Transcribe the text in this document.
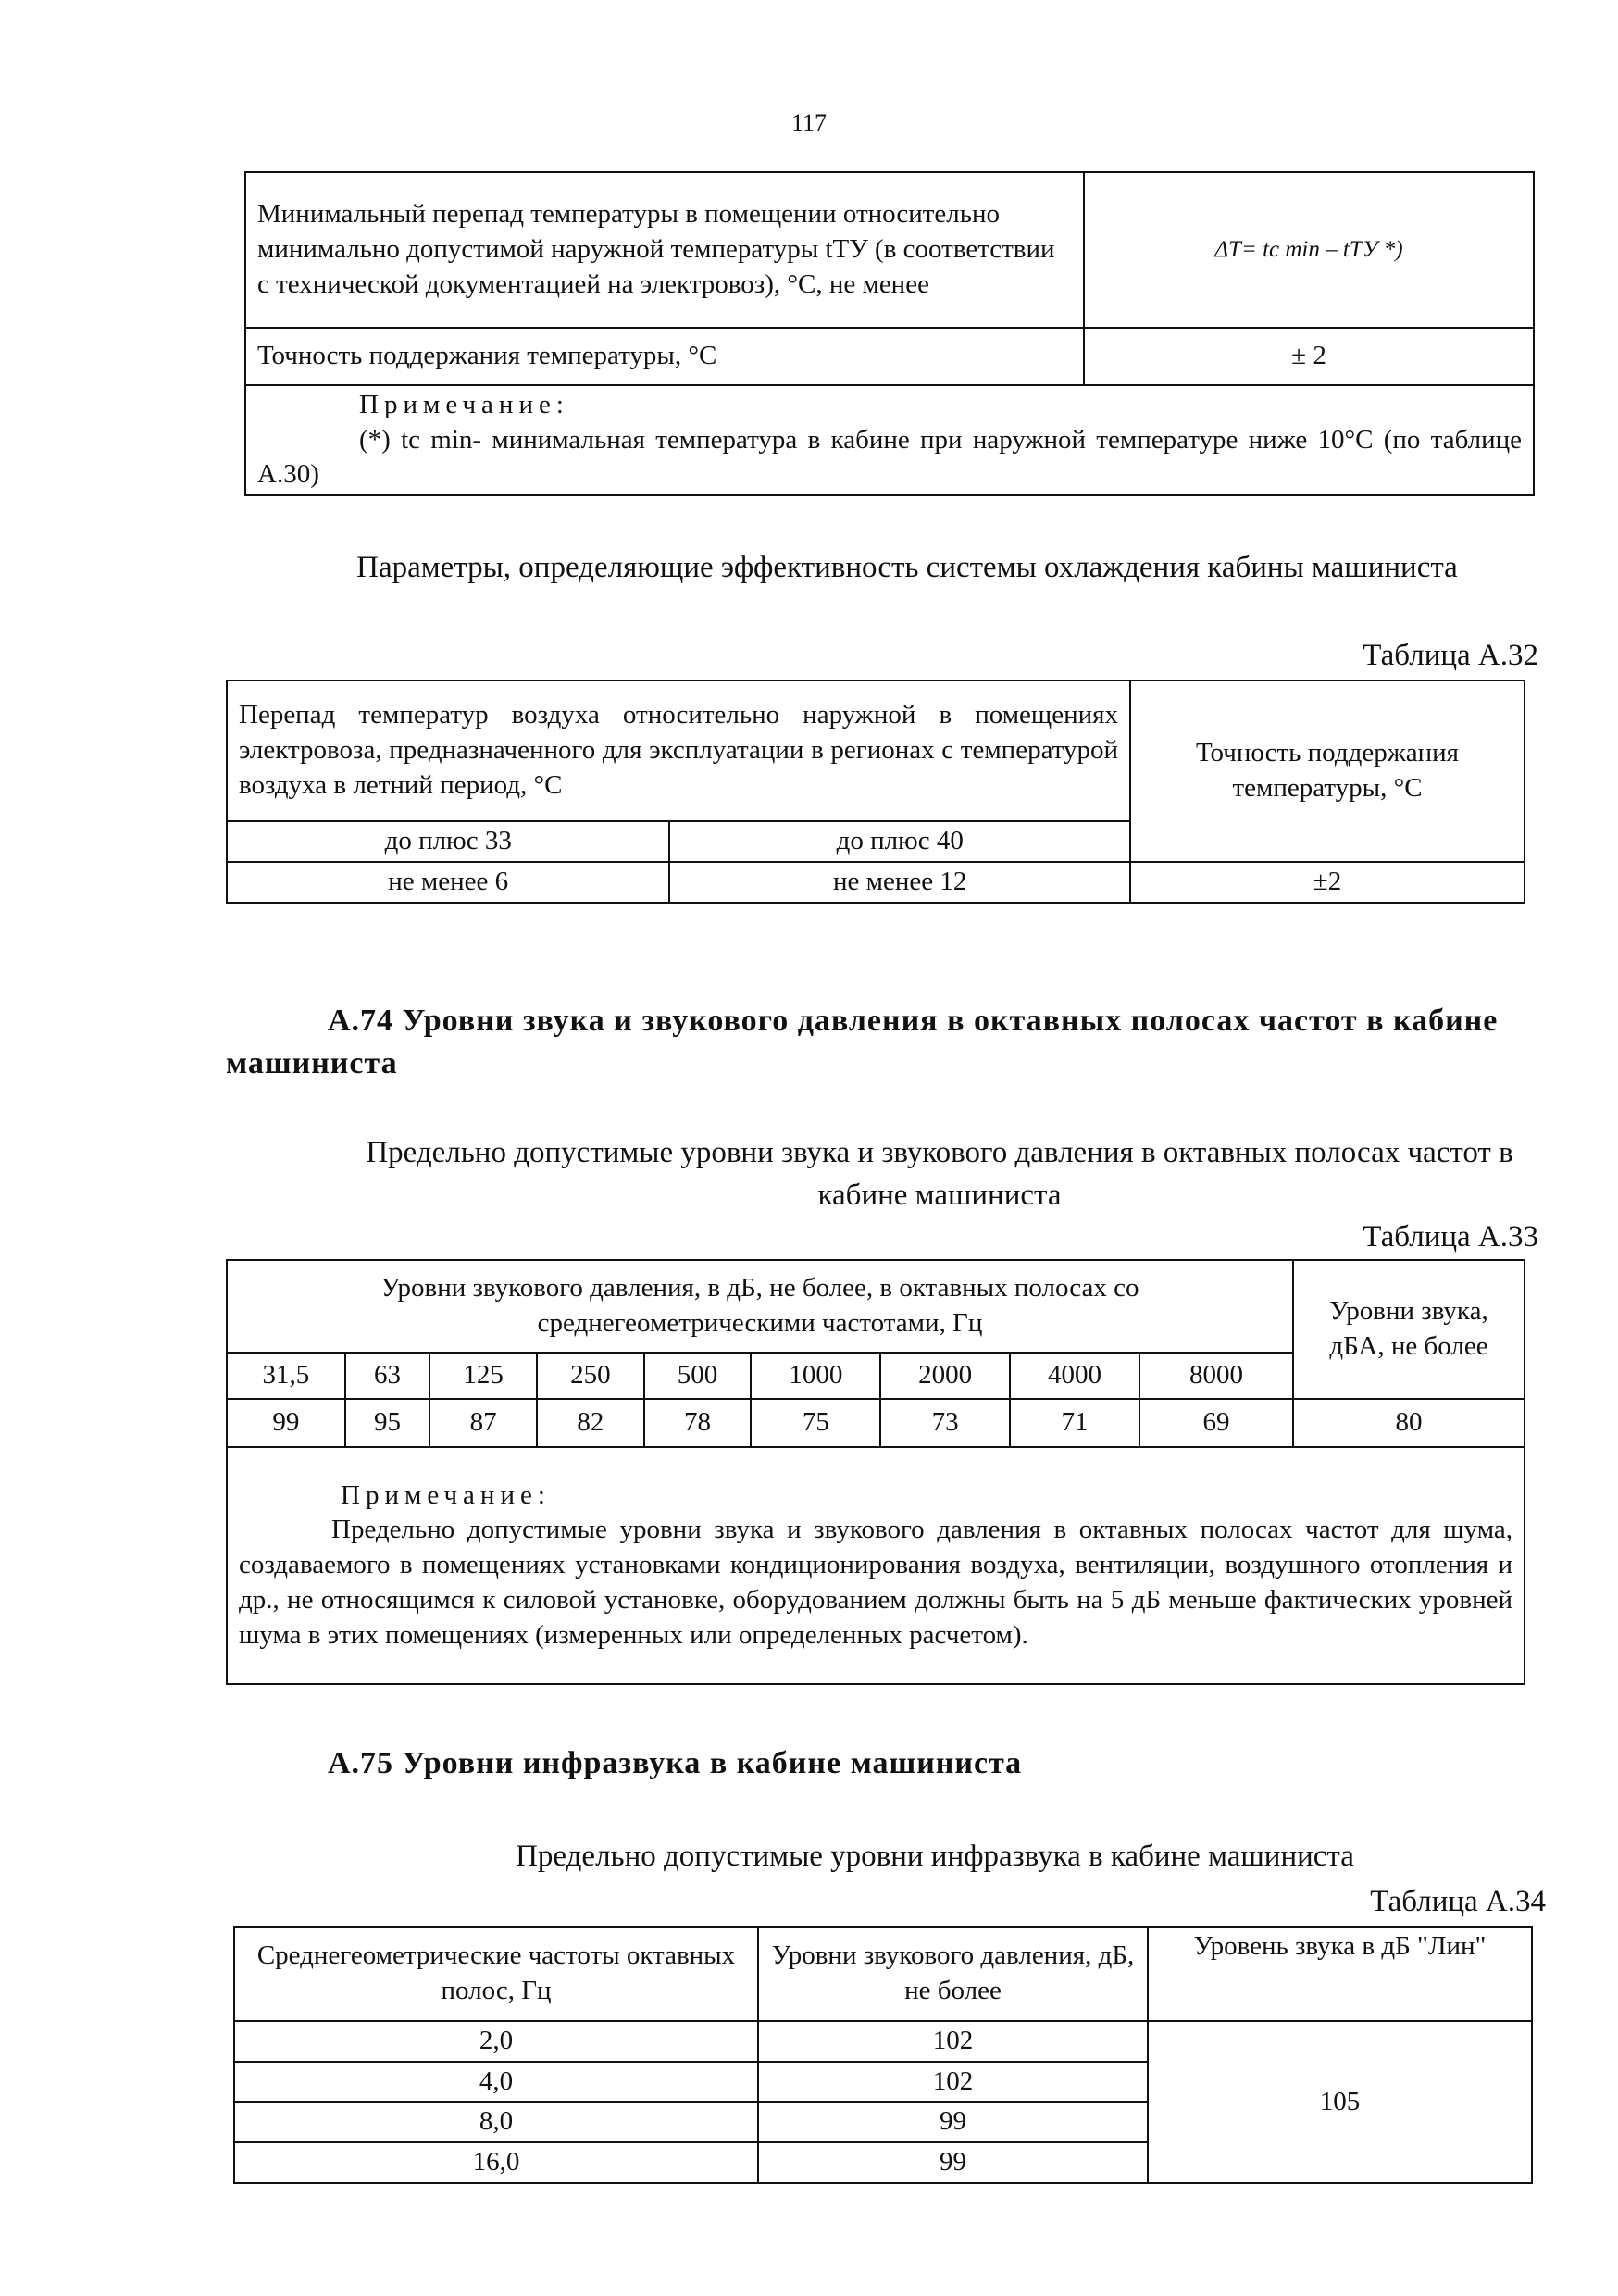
117
Минимальный перепад температуры в помещении относительно минимально допустимой наружной температуры tТУ (в соответствии с технической документацией на электровоз), °С, не менее	ΔT= tc min – tТУ *)
Точность поддержания температуры, °С	± 2

Примечание:
(*) tc min- минимальная температура в кабине при наружной температуре ниже 10°С (по таблице А.30)	
Параметры, определяющие эффективность системы охлаждения кабины машиниста
Таблица А.32
Перепад температур воздуха относительно наружной в помещениях электровоза, предназначенного для эксплуатации в регионах с температурой воздуха в летний период, °С		Точность поддержания температуры, °С
до плюс 33	до плюс 40	
не менее 6	не менее 12	±2
А.74 Уровни звука и звукового давления в октавных полосах частот в кабине машиниста
Предельно допустимые уровни звука и звукового давления в октавных полосах частот в кабине машиниста
Таблица А.33
Уровни звукового давления, в дБ, не более, в октавных полосах со среднегеометрическими частотами, Гц									Уровни звука, дБА, не более
31,5	63	125	250	500	1000	2000	4000	8000	
99	95	87	82	78	75	73	71	69	80

Примечание:
Предельно допустимые уровни звука и звукового давления в октавных полосах частот для шума, создаваемого в помещениях установками кондиционирования воздуха, вентиляции, воздушного отопления и др., не относящимся к силовой установке, оборудованием должны быть на 5 дБ меньше фактических уровней шума в этих помещениях (измеренных или определенных расчетом).									
А.75 Уровни инфразвука в кабине машиниста
Предельно допустимые уровни инфразвука в кабине машиниста
Таблица А.34
Среднегеометрические частоты октавных полос, Гц	Уровни звукового давления, дБ, не более	Уровень звука в дБ "Лин"
2,0	102	105
4,0	102	
8,0	99	
16,0	99	
